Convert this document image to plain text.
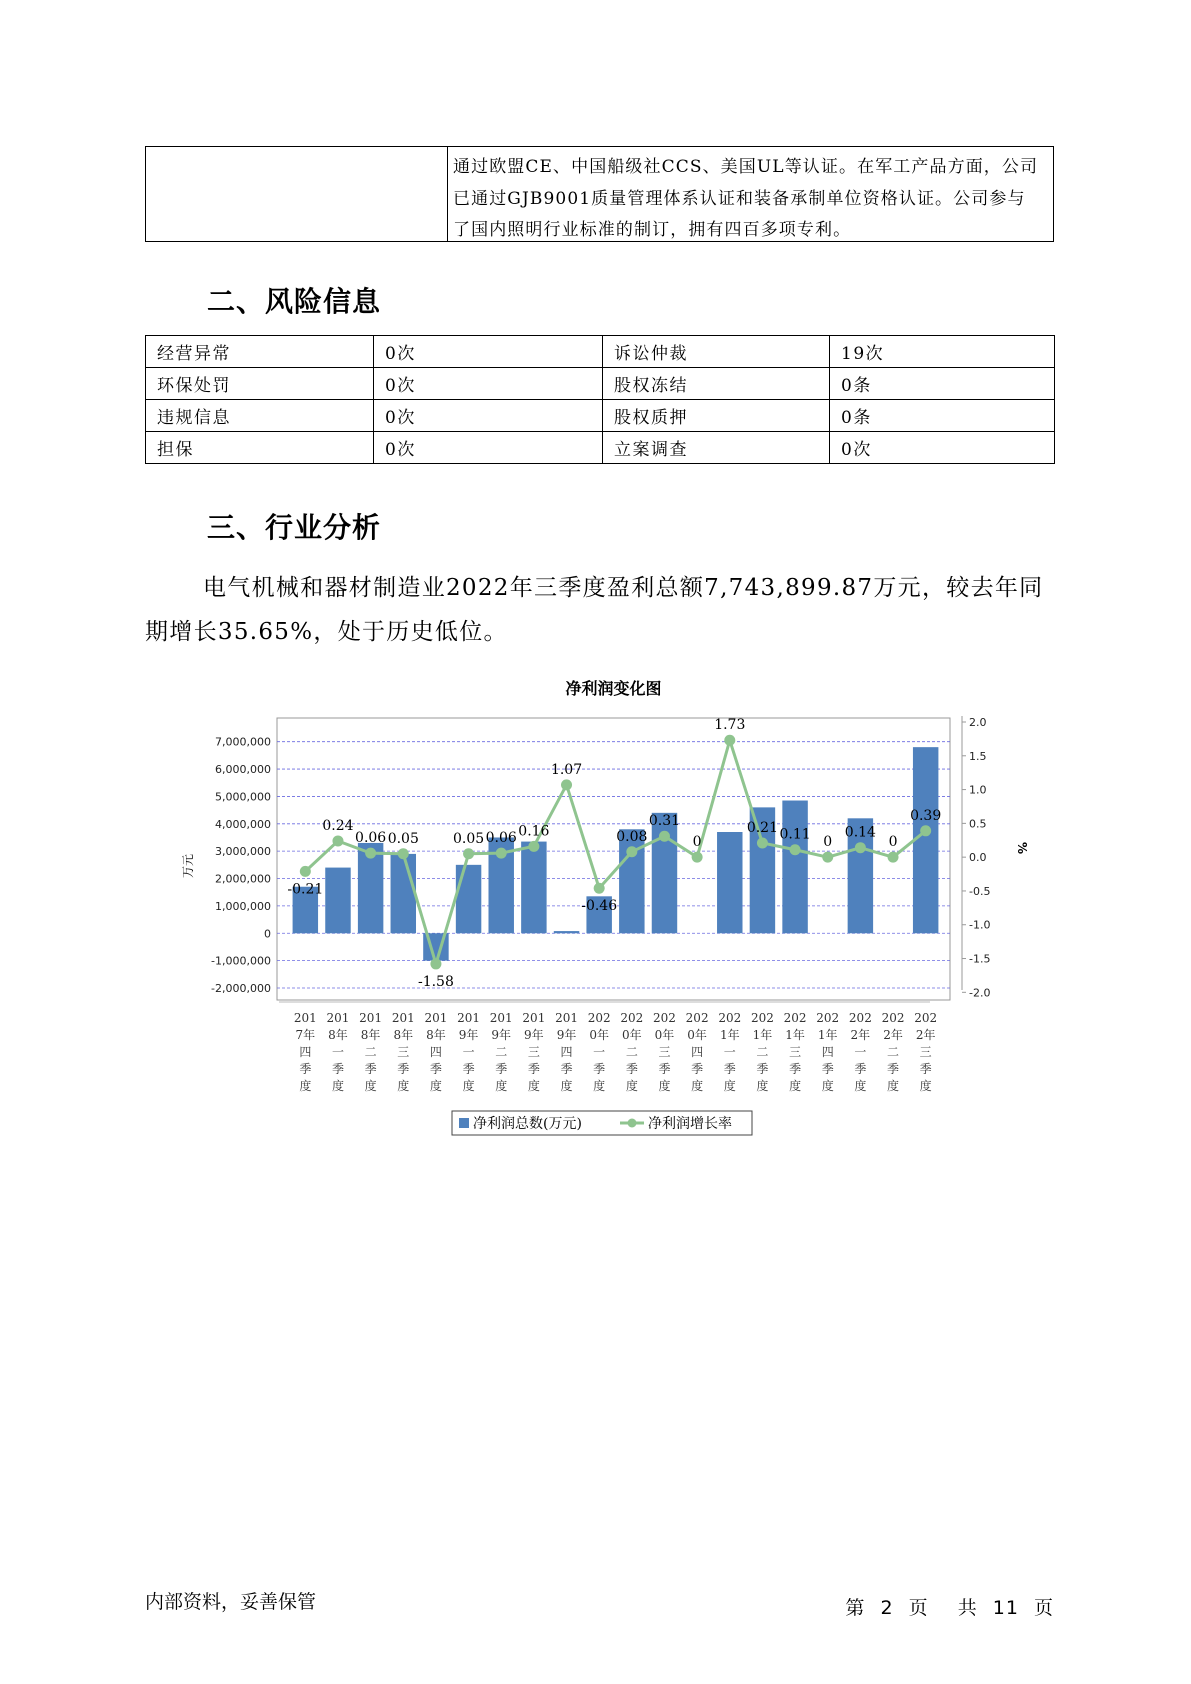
通过欧盟CE、中国船级社CCS、美国UL等认证。在军工产品方面，公司
已通过GJB9001质量管理体系认证和装备承制单位资格认证。公司参与
了国内照明行业标准的制订，拥有四百多项专利。
二、风险信息
经营异常	0次	诉讼仲裁	19次
环保处罚	0次	股权冻结	0条
违规信息	0次	股权质押	0条
担保	0次	立案调查	0次
三、行业分析

电气机械和器材制造业2022年三季度盈利总额7,743,899.87万元，较去年同期增长35.65%，处于历史低位。

净利润变化图
7,000,000
6,000,000
5,000,000
4,000,000
3,000,000
2,000,000
1,000,000
0
-1,000,000
-2,000,000
万元
2.0
1.5
1.0
0.5
0.0
-0.5
-1.0
-1.5
-2.0
%
-0.21
0.24
0.06 0.05
-1.58
0.05 0.06 0.16
1.07
-0.46
0.08
0.31
0
1.73
0.21 0.11 0
0.14
0
0.39
201
7年
四
季
度
201
8年
一
季
度
201
8年
二
季
度
201
8年
三
季
度
201
8年
四
季
度
201
9年
一
季
度
201
9年
二
季
度
201
9年
三
季
度
201
9年
四
季
度
202
0年
一
季
度
202
0年
二
季
度
202
0年
三
季
度
202
0年
四
季
度
202
1年
一
季
度
202
1年
二
季
度
202
1年
三
季
度
202
1年
四
季
度
202
2年
一
季
度
202
2年
二
季
度
202
2年
三
季
度
净利润总数(万元)	净利润增长率
内部资料，妥善保管	第 2 页 共 11 页
